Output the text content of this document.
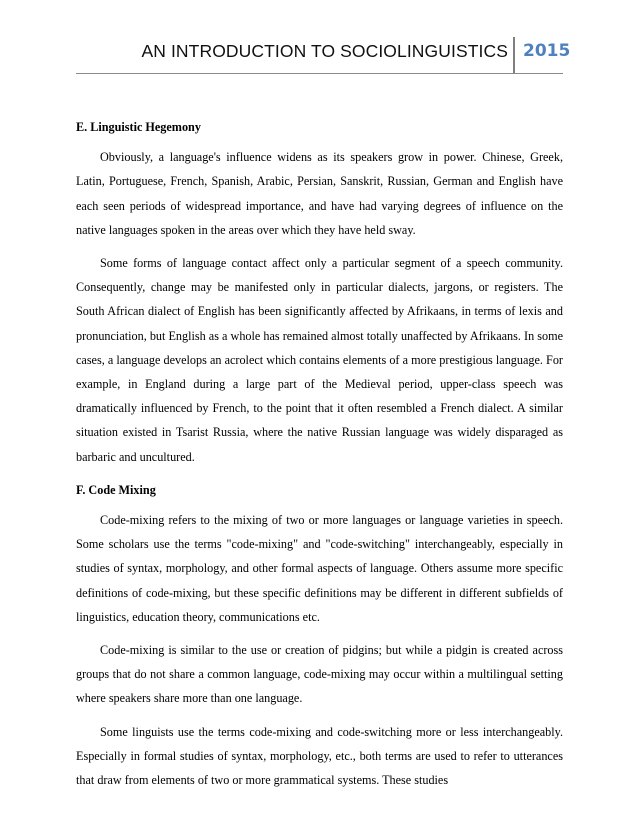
AN INTRODUCTION TO SOCIOLINGUISTICS 2015
E. Linguistic Hegemony

Obviously, a language's influence widens as its speakers grow in power. Chinese, Greek, Latin, Portuguese, French, Spanish, Arabic, Persian, Sanskrit, Russian, German and English have each seen periods of widespread importance, and have had varying degrees of influence on the native languages spoken in the areas over which they have held sway.

Some forms of language contact affect only a particular segment of a speech community. Consequently, change may be manifested only in particular dialects, jargons, or registers. The South African dialect of English has been significantly affected by Afrikaans, in terms of lexis and pronunciation, but English as a whole has remained almost totally unaffected by Afrikaans. In some cases, a language develops an acrolect which contains elements of a more prestigious language. For example, in England during a large part of the Medieval period, upper-class speech was dramatically influenced by French, to the point that it often resembled a French dialect. A similar situation existed in Tsarist Russia, where the native Russian language was widely disparaged as barbaric and uncultured.

F. Code Mixing

Code-mixing refers to the mixing of two or more languages or language varieties in speech. Some scholars use the terms "code-mixing" and "code-switching" interchangeably, especially in studies of syntax, morphology, and other formal aspects of language. Others assume more specific definitions of code-mixing, but these specific definitions may be different in different subfields of linguistics, education theory, communications etc.

Code-mixing is similar to the use or creation of pidgins; but while a pidgin is created across groups that do not share a common language, code-mixing may occur within a multilingual setting where speakers share more than one language.

Some linguists use the terms code-mixing and code-switching more or less interchangeably. Especially in formal studies of syntax, morphology, etc., both terms are used to refer to utterances that draw from elements of two or more grammatical systems. These studies
